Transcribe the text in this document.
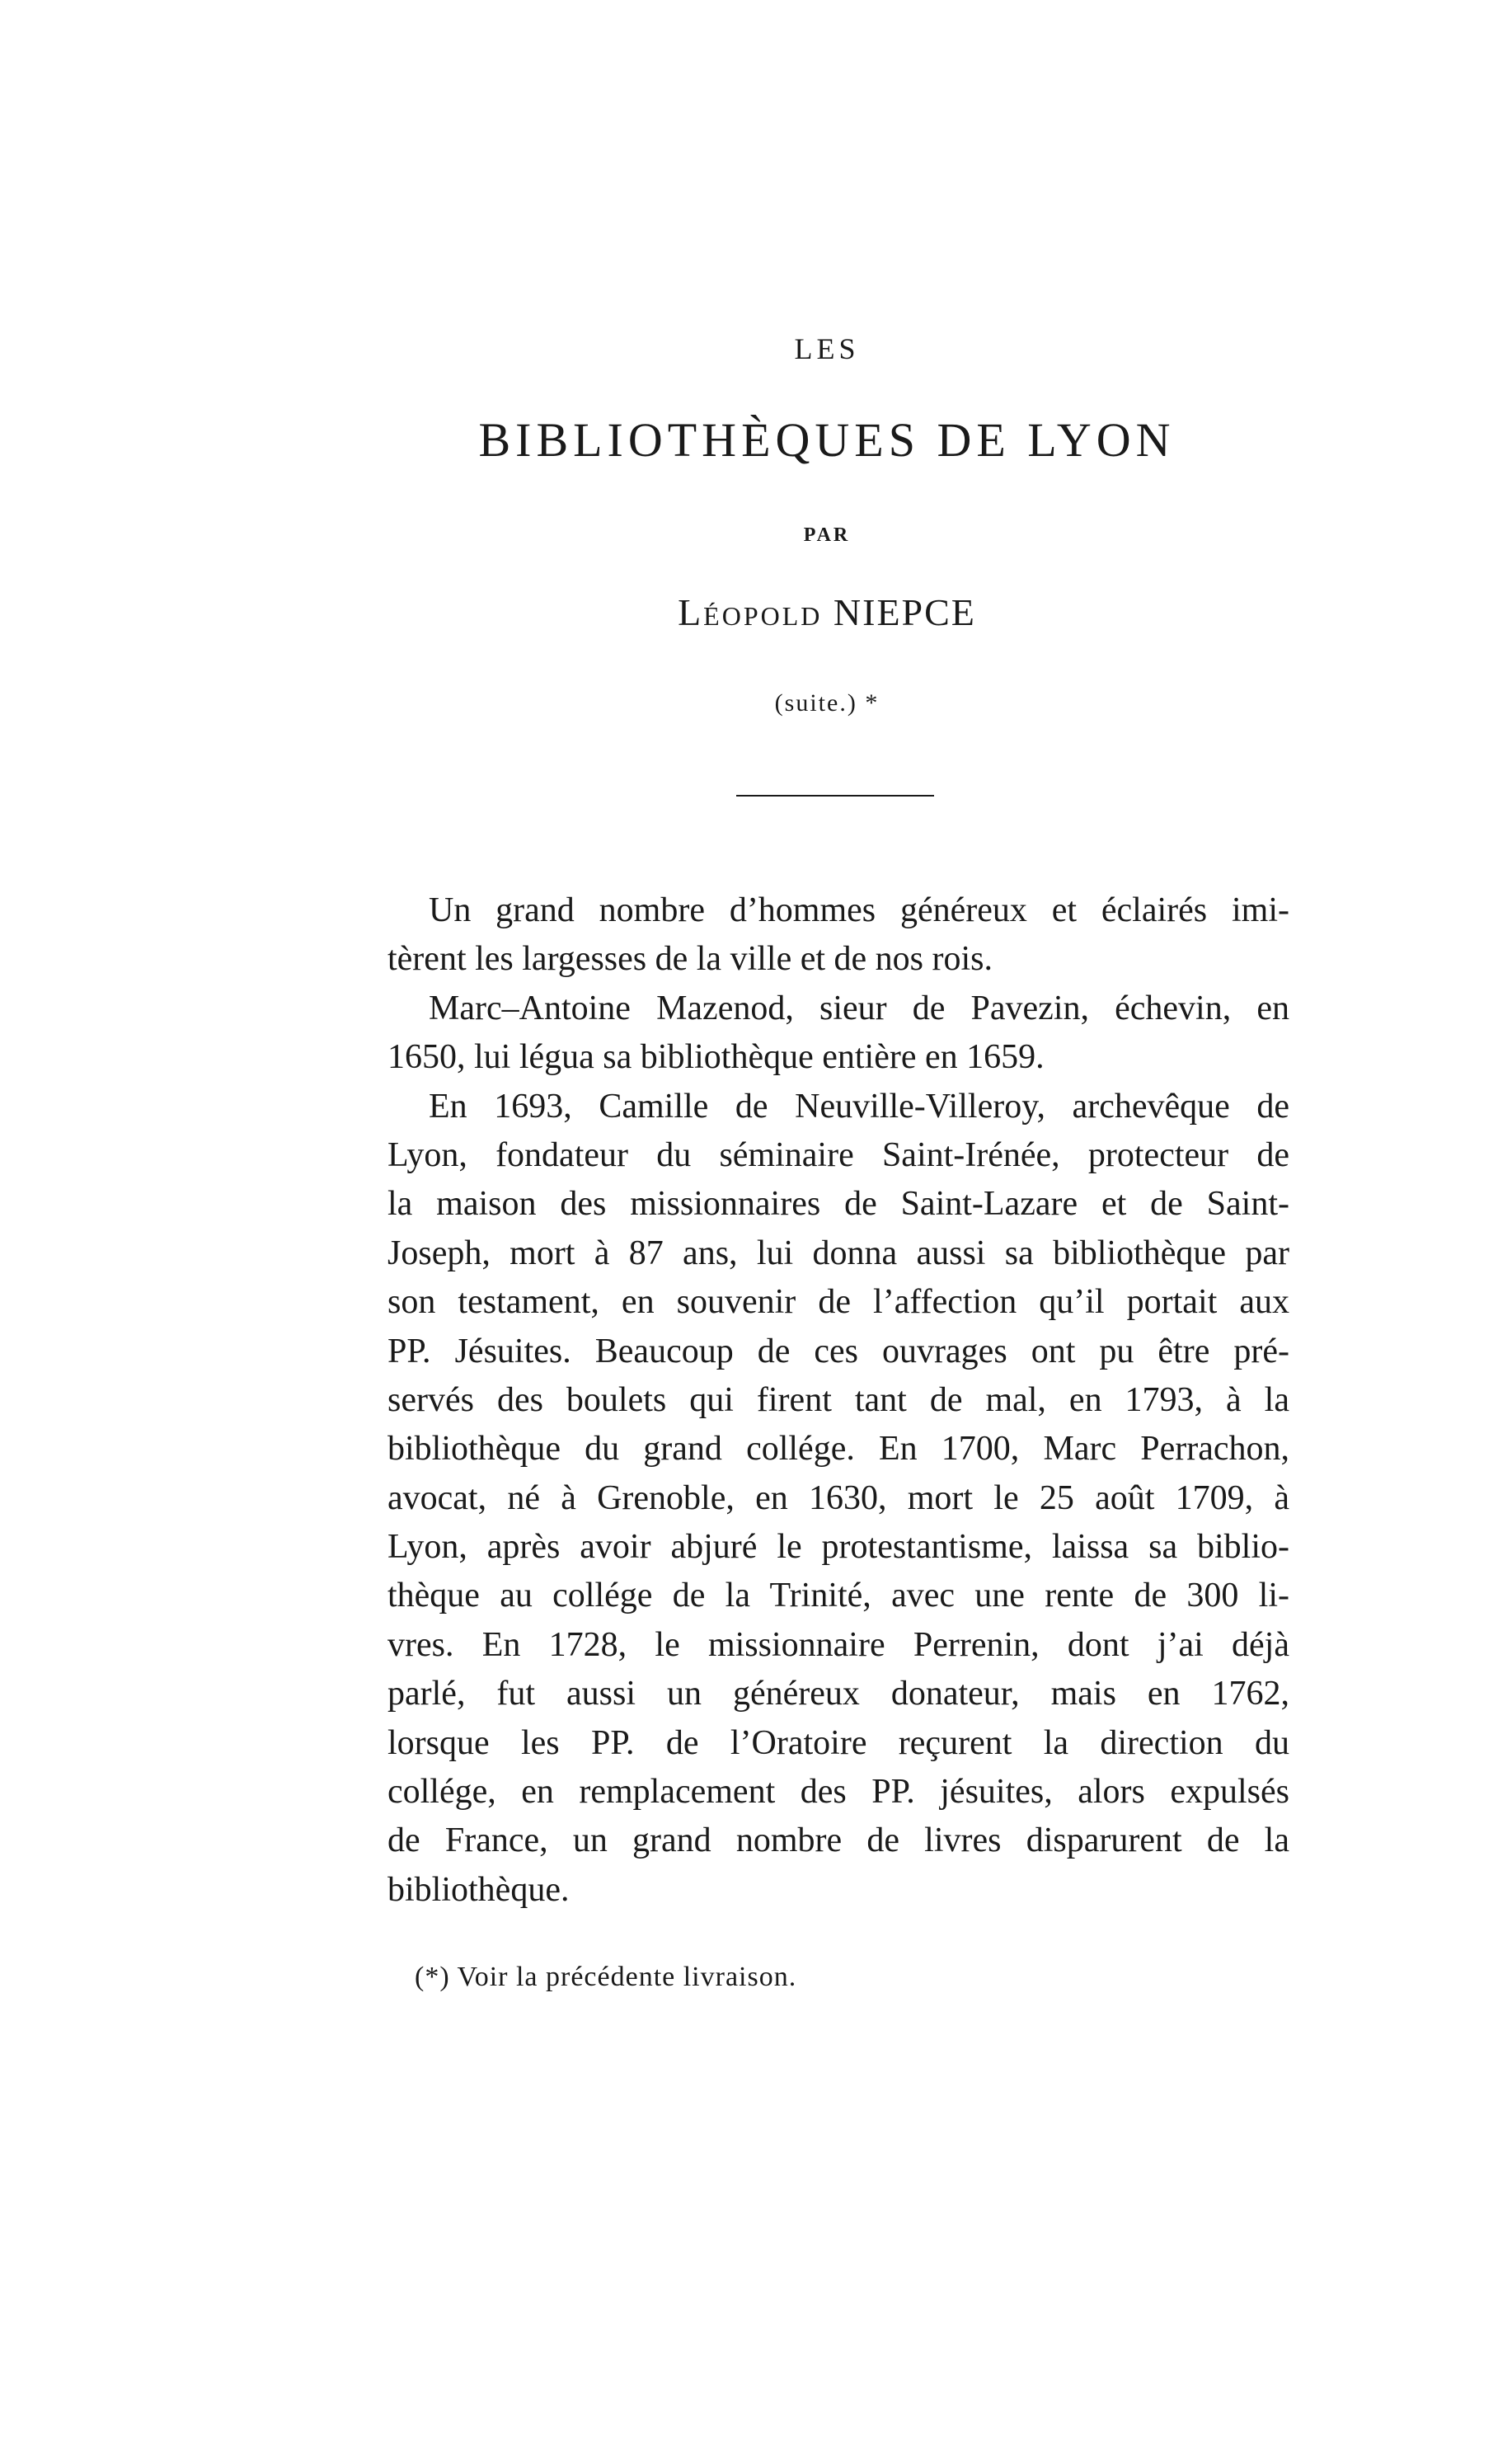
LES
BIBLIOTHÈQUES DE LYON
PAR
Léopold NIEPCE
(suite.) *
Un grand nombre d’hommes généreux et éclairés imi-
tèrent les largesses de la ville et de nos rois.
Marc–Antoine Mazenod, sieur de Pavezin, échevin, en
1650, lui légua sa bibliothèque entière en 1659.
En 1693, Camille de Neuville-Villeroy, archevêque de
Lyon, fondateur du séminaire Saint-Irénée, protecteur de
la maison des missionnaires de Saint-Lazare et de Saint-
Joseph, mort à 87 ans, lui donna aussi sa bibliothèque par
son testament, en souvenir de l’affection qu’il portait aux
PP. Jésuites. Beaucoup de ces ouvrages ont pu être pré-
servés des boulets qui firent tant de mal, en 1793, à la
bibliothèque du grand collége. En 1700, Marc Perrachon,
avocat, né à Grenoble, en 1630, mort le 25 août 1709, à
Lyon, après avoir abjuré le protestantisme, laissa sa biblio-
thèque au collége de la Trinité, avec une rente de 300 li-
vres. En 1728, le missionnaire Perrenin, dont j’ai déjà
parlé, fut aussi un généreux donateur, mais en 1762,
lorsque les PP. de l’Oratoire reçurent la direction du
collége, en remplacement des PP. jésuites, alors expulsés
de France, un grand nombre de livres disparurent de la
bibliothèque.
(*) Voir la précédente livraison.
